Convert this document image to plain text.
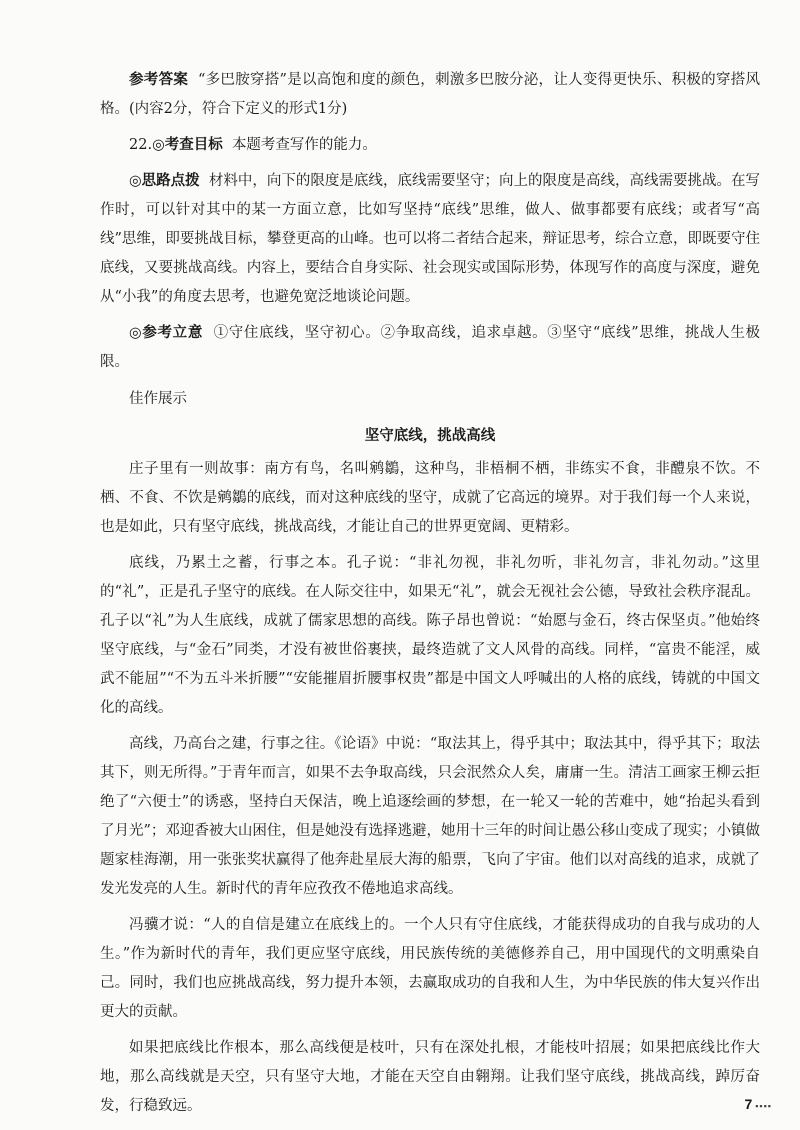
参考答案 “多巴胺穿搭”是以高饱和度的颜色，刺激多巴胺分泌，让人变得更快乐、积极的穿搭风格。(内容2分，符合下定义的形式1分)

22.◎考查目标 本题考查写作的能力。

◎思路点拨 材料中，向下的限度是底线，底线需要坚守；向上的限度是高线，高线需要挑战。在写作时，可以针对其中的某一方面立意，比如写坚持“底线”思维，做人、做事都要有底线；或者写“高线”思维，即要挑战目标，攀登更高的山峰。也可以将二者结合起来，辩证思考，综合立意，即既要守住底线，又要挑战高线。内容上，要结合自身实际、社会现实或国际形势，体现写作的高度与深度，避免从“小我”的角度去思考，也避免宽泛地谈论问题。

◎参考立意 ①守住底线，坚守初心。②争取高线，追求卓越。③坚守“底线”思维，挑战人生极限。

佳作展示

坚守底线，挑战高线

庄子里有一则故事：南方有鸟，名叫鹓鶵，这种鸟，非梧桐不栖，非练实不食，非醴泉不饮。不栖、不食、不饮是鹓鶵的底线，而对这种底线的坚守，成就了它高远的境界。对于我们每一个人来说，也是如此，只有坚守底线，挑战高线，才能让自己的世界更宽阔、更精彩。

底线，乃累土之蓄，行事之本。孔子说：“非礼勿视，非礼勿听，非礼勿言，非礼勿动。”这里的“礼”，正是孔子坚守的底线。在人际交往中，如果无“礼”，就会无视社会公德，导致社会秩序混乱。孔子以“礼”为人生底线，成就了儒家思想的高线。陈子昂也曾说：“始愿与金石，终古保坚贞。”他始终坚守底线，与“金石”同类，才没有被世俗裹挟，最终造就了文人风骨的高线。同样，“富贵不能淫，威武不能屈”“不为五斗米折腰”“安能摧眉折腰事权贵”都是中国文人呼喊出的人格的底线，铸就的中国文化的高线。

高线，乃高台之建，行事之往。《论语》中说：“取法其上，得乎其中；取法其中，得乎其下；取法其下，则无所得。”于青年而言，如果不去争取高线，只会泯然众人矣，庸庸一生。清洁工画家王柳云拒绝了“六便士”的诱惑，坚持白天保洁，晚上追逐绘画的梦想，在一轮又一轮的苦难中，她“抬起头看到了月光”；邓迎香被大山困住，但是她没有选择逃避，她用十三年的时间让愚公移山变成了现实；小镇做题家桂海潮，用一张张奖状赢得了他奔赴星辰大海的船票，飞向了宇宙。他们以对高线的追求，成就了发光发亮的人生。新时代的青年应孜孜不倦地追求高线。

冯骥才说：“人的自信是建立在底线上的。一个人只有守住底线，才能获得成功的自我与成功的人生。”作为新时代的青年，我们更应坚守底线，用民族传统的美德修养自己，用中国现代的文明熏染自己。同时，我们也应挑战高线，努力提升本领，去赢取成功的自我和人生，为中华民族的伟大复兴作出更大的贡献。

如果把底线比作根本，那么高线便是枝叶，只有在深处扎根，才能枝叶招展；如果把底线比作大地，那么高线就是天空，只有坚守大地，才能在天空自由翱翔。让我们坚守底线，挑战高线，踔厉奋发，行稳致远。	7 ▪▪▪▪
